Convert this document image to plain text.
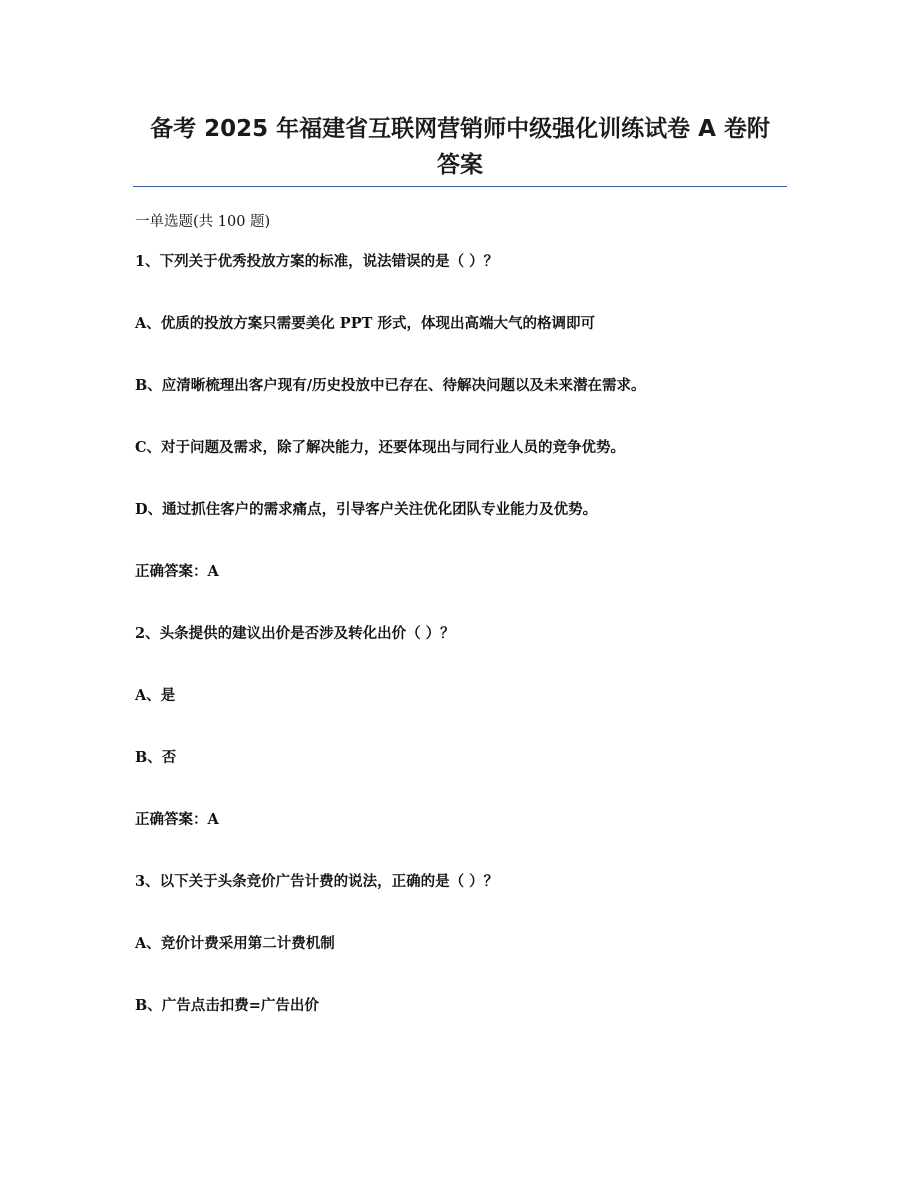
备考 2025 年福建省互联网营销师中级强化训练试卷 A 卷附
答案
一单选题(共 100 题)
1、下列关于优秀投放方案的标准，说法错误的是（ ）？
A、优质的投放方案只需要美化 PPT 形式，体现出高端大气的格调即可
B、应清晰梳理出客户现有/历史投放中已存在、待解决问题以及未来潜在需求。
C、对于问题及需求，除了解决能力，还要体现出与同行业人员的竞争优势。
D、通过抓住客户的需求痛点，引导客户关注优化团队专业能力及优势。
正确答案：A
2、头条提供的建议出价是否涉及转化出价（ ）？
A、是
B、否
正确答案：A
3、以下关于头条竞价广告计费的说法，正确的是（ ）？
A、竞价计费采用第二计费机制
B、广告点击扣费=广告出价
